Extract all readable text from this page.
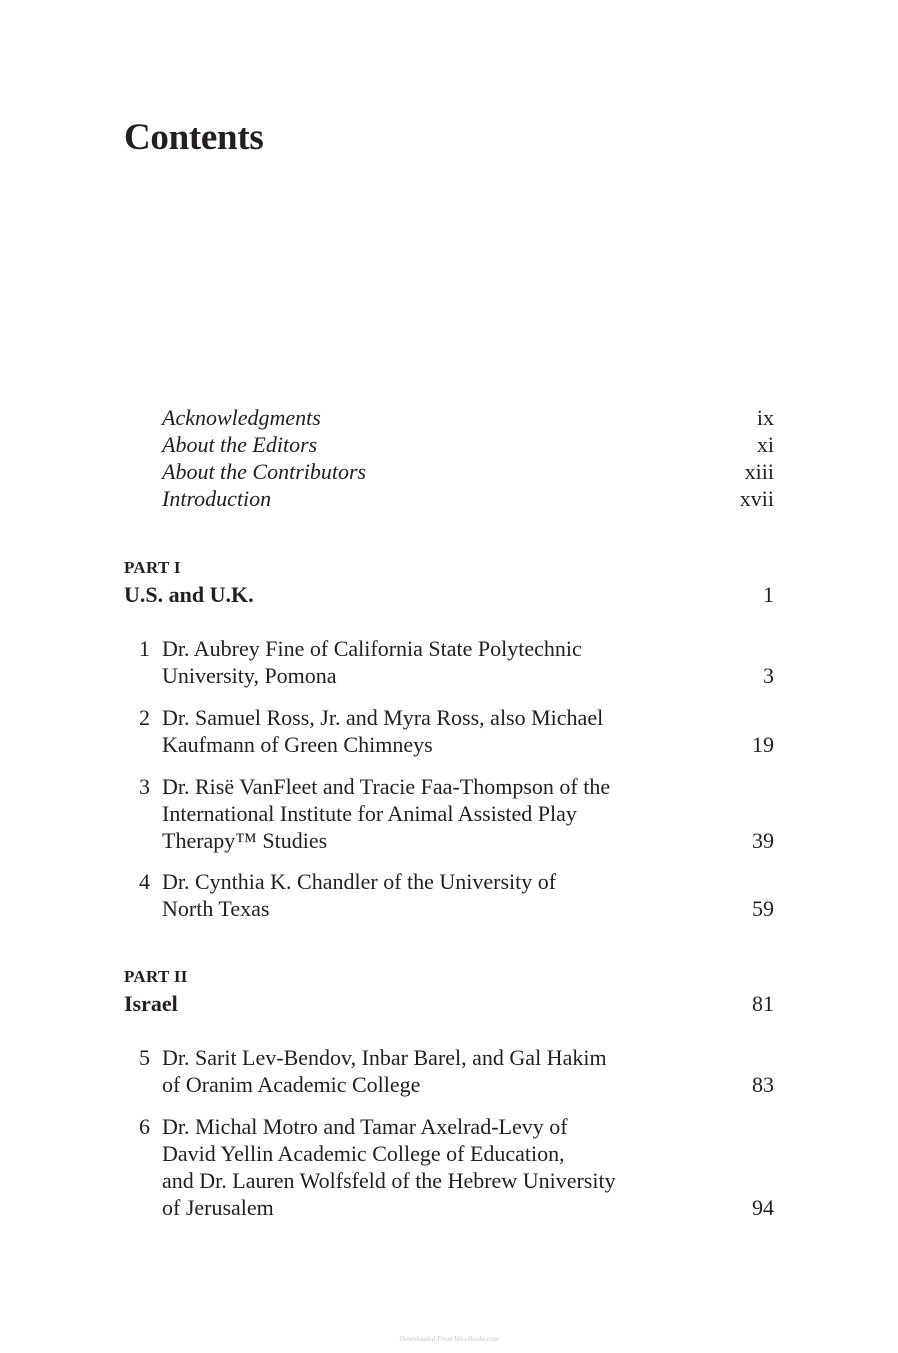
Contents
Acknowledgments	ix
About the Editors	xi
About the Contributors	xiii
Introduction	xvii
PART I
U.S. and U.K.	1
1 Dr. Aubrey Fine of California State Polytechnic
University, Pomona	3
2 Dr. Samuel Ross, Jr. and Myra Ross, also Michael
Kaufmann of Green Chimneys	19
3 Dr. Risë VanFleet and Tracie Faa-Thompson of the
International Institute for Animal Assisted Play
Therapy™ Studies	39
4 Dr. Cynthia K. Chandler of the University of
North Texas	59
PART II
Israel	81
5 Dr. Sarit Lev-Bendov, Inbar Barel, and Gal Hakim
of Oranim Academic College	83
6 Dr. Michal Motro and Tamar Axelrad-Levy of
David Yellin Academic College of Education,
and Dr. Lauren Wolfsfeld of the Hebrew University
of Jerusalem	94
Downloaded From Vet-eBooks.com
